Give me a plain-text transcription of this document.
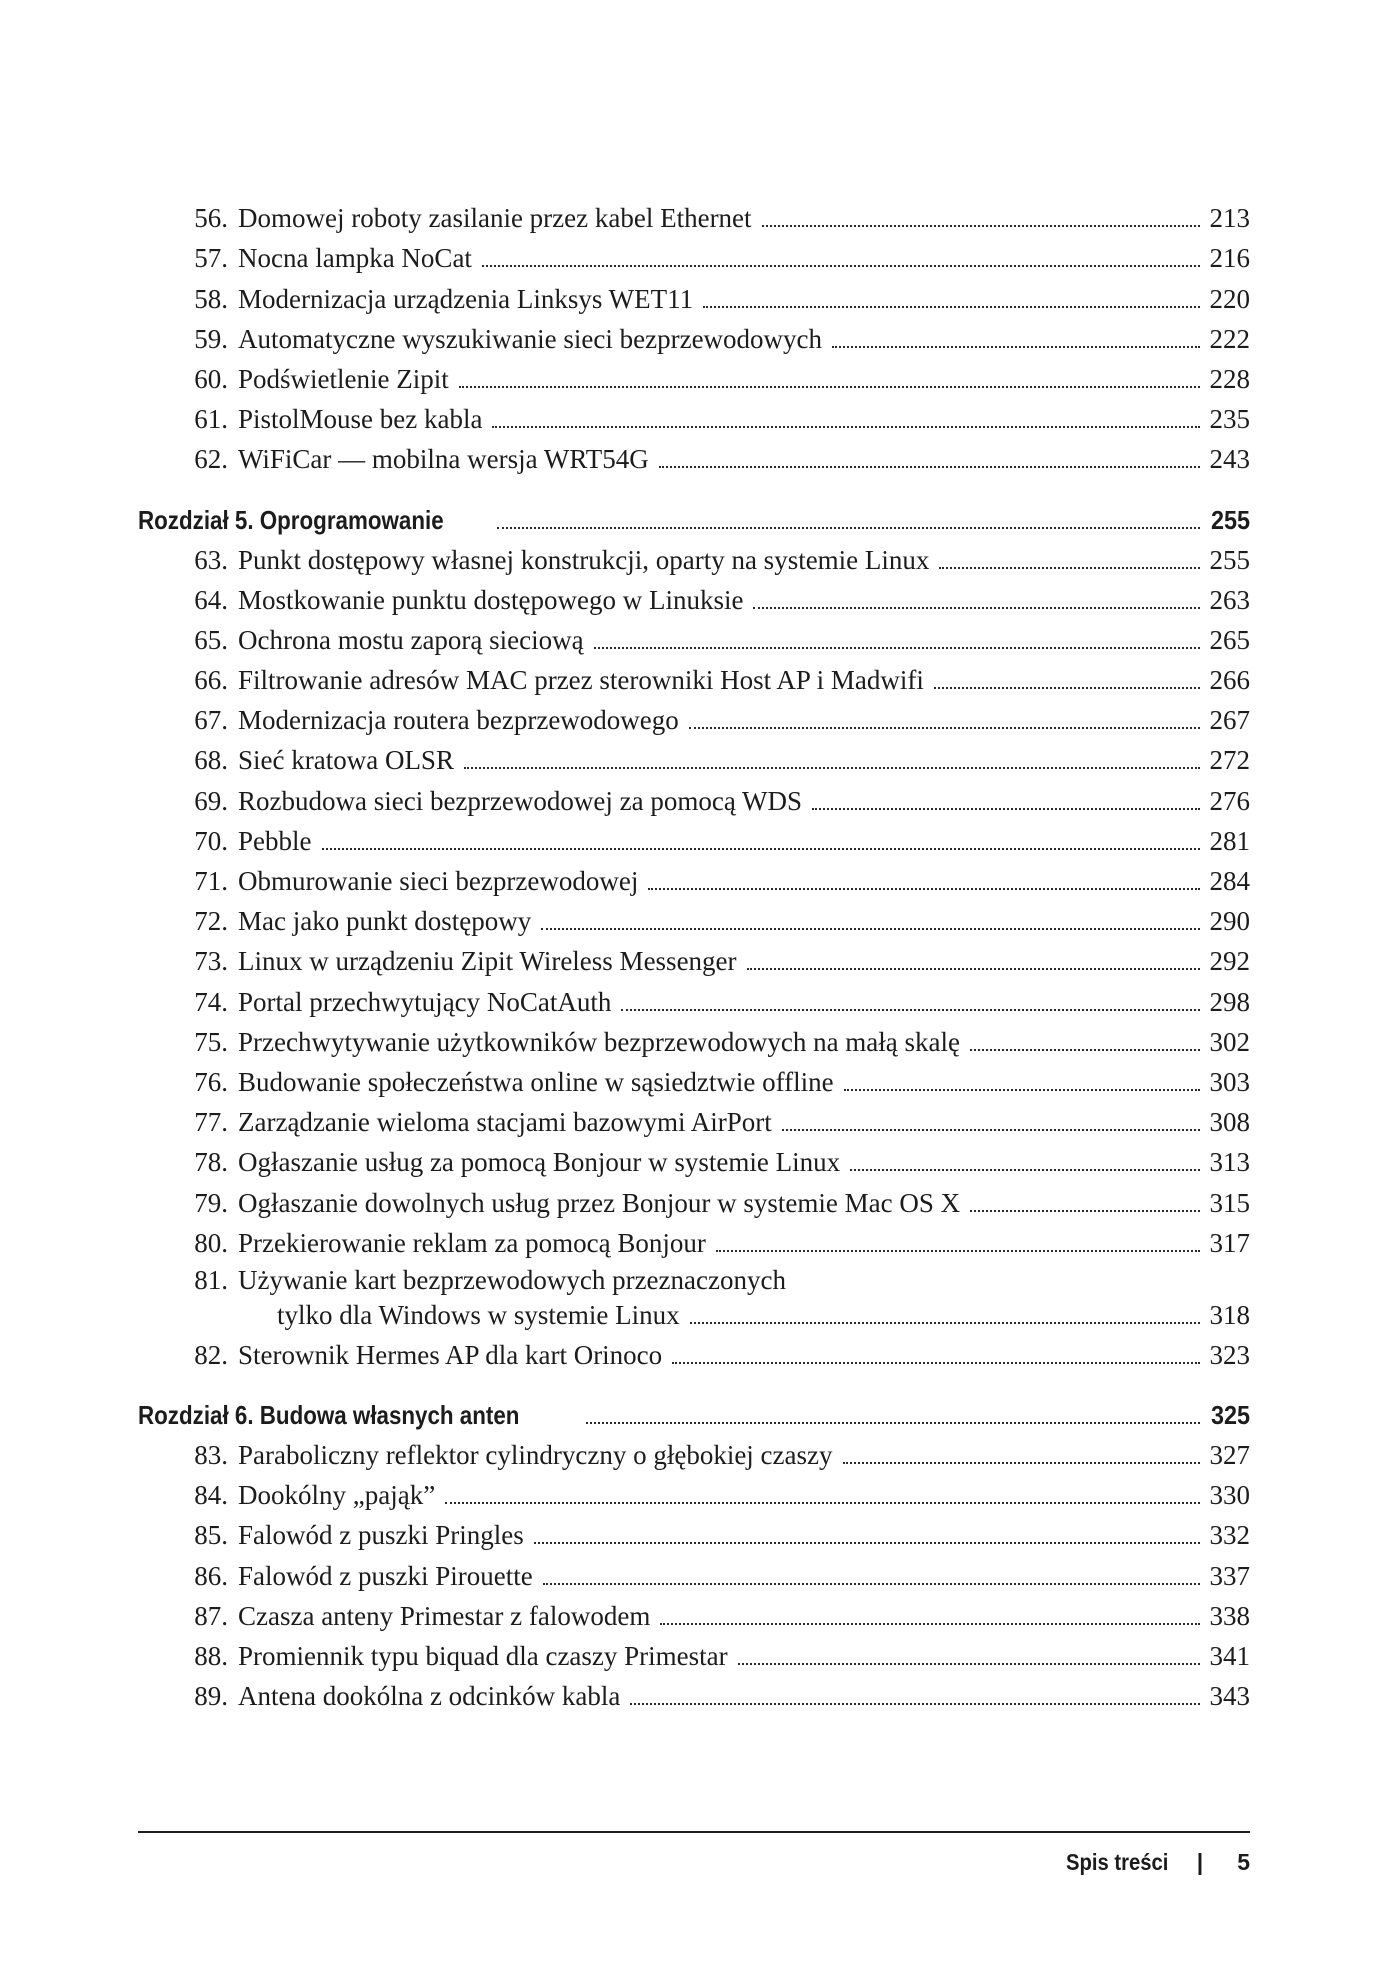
56. Domowej roboty zasilanie przez kabel Ethernet	213
57. Nocna lampka NoCat	216
58. Modernizacja urządzenia Linksys WET11	220
59. Automatyczne wyszukiwanie sieci bezprzewodowych	222
60. Podświetlenie Zipit	228
61. PistolMouse bez kabla	235
62. WiFiCar — mobilna wersja WRT54G	243
Rozdział 5. Oprogramowanie	255
63. Punkt dostępowy własnej konstrukcji, oparty na systemie Linux	255
64. Mostkowanie punktu dostępowego w Linuksie	263
65. Ochrona mostu zaporą sieciową	265
66. Filtrowanie adresów MAC przez sterowniki Host AP i Madwifi	266
67. Modernizacja routera bezprzewodowego	267
68. Sieć kratowa OLSR	272
69. Rozbudowa sieci bezprzewodowej za pomocą WDS	276
70. Pebble	281
71. Obmurowanie sieci bezprzewodowej	284
72. Mac jako punkt dostępowy	290
73. Linux w urządzeniu Zipit Wireless Messenger	292
74. Portal przechwytujący NoCatAuth	298
75. Przechwytywanie użytkowników bezprzewodowych na małą skalę	302
76. Budowanie społeczeństwa online w sąsiedztwie offline	303
77. Zarządzanie wieloma stacjami bazowymi AirPort	308
78. Ogłaszanie usług za pomocą Bonjour w systemie Linux	313
79. Ogłaszanie dowolnych usług przez Bonjour w systemie Mac OS X	315
80. Przekierowanie reklam za pomocą Bonjour	317
81. Używanie kart bezprzewodowych przeznaczonych
tylko dla Windows w systemie Linux	318
82. Sterownik Hermes AP dla kart Orinoco	323
Rozdział 6. Budowa własnych anten	325
83. Paraboliczny reflektor cylindryczny o głębokiej czaszy	327
84. Dookólny „pająk”	330
85. Falowód z puszki Pringles	332
86. Falowód z puszki Pirouette	337
87. Czasza anteny Primestar z falowodem	338
88. Promiennik typu biquad dla czaszy Primestar	341
89. Antena dookólna z odcinków kabla	343
Spis treści | 5
